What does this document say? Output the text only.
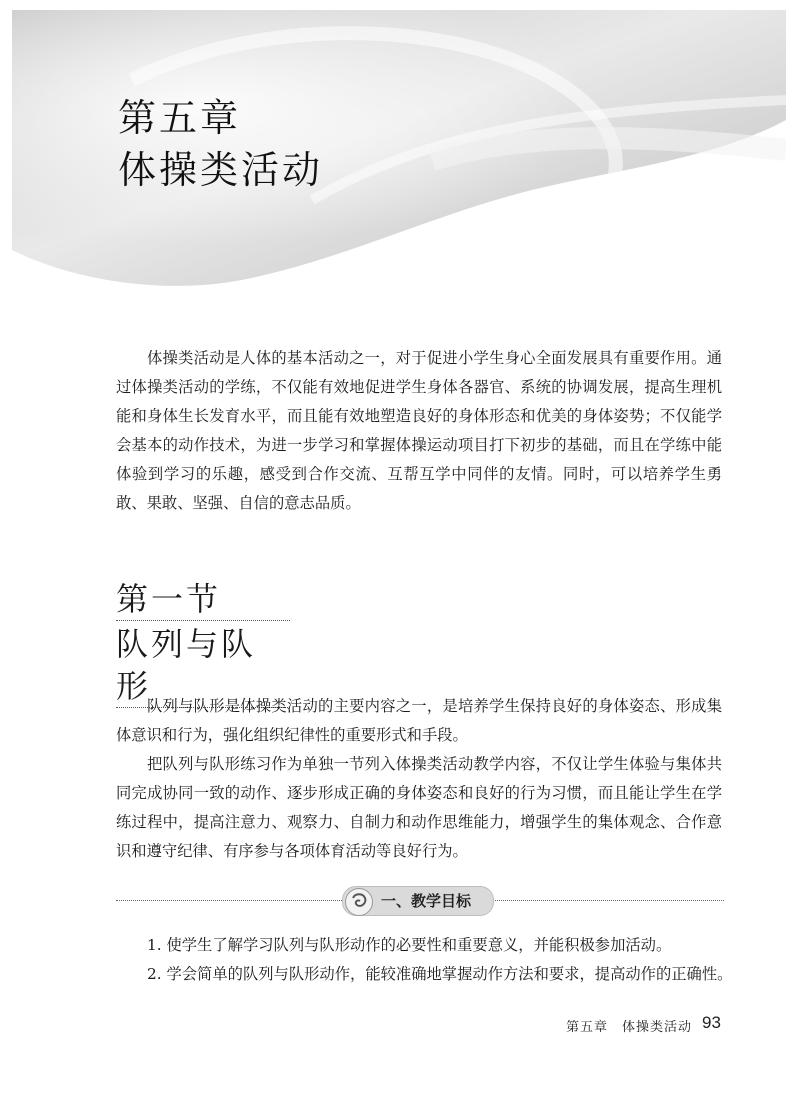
第五章
体操类活动

体操类活动是人体的基本活动之一，对于促进小学生身心全面发展具有重要作用。通过体操类活动的学练，不仅能有效地促进学生身体各器官、系统的协调发展，提高生理机能和身体生长发育水平，而且能有效地塑造良好的身体形态和优美的身体姿势；不仅能学会基本的动作技术，为进一步学习和掌握体操运动项目打下初步的基础，而且在学练中能体验到学习的乐趣，感受到合作交流、互帮互学中同伴的友情。同时，可以培养学生勇敢、果敢、坚强、自信的意志品质。

第一节
队列与队形

队列与队形是体操类活动的主要内容之一，是培养学生保持良好的身体姿态、形成集体意识和行为，强化组织纪律性的重要形式和手段。

把队列与队形练习作为单独一节列入体操类活动教学内容，不仅让学生体验与集体共同完成协同一致的动作、逐步形成正确的身体姿态和良好的行为习惯，而且能让学生在学练过程中，提高注意力、观察力、自制力和动作思维能力，增强学生的集体观念、合作意识和遵守纪律、有序参与各项体育活动等良好行为。

一、教学目标
1. 使学生了解学习队列与队形动作的必要性和重要意义，并能积极参加活动。
2. 学会简单的队列与队形动作，能较准确地掌握动作方法和要求，提高动作的正确性。
第五章　体操类活动 93
